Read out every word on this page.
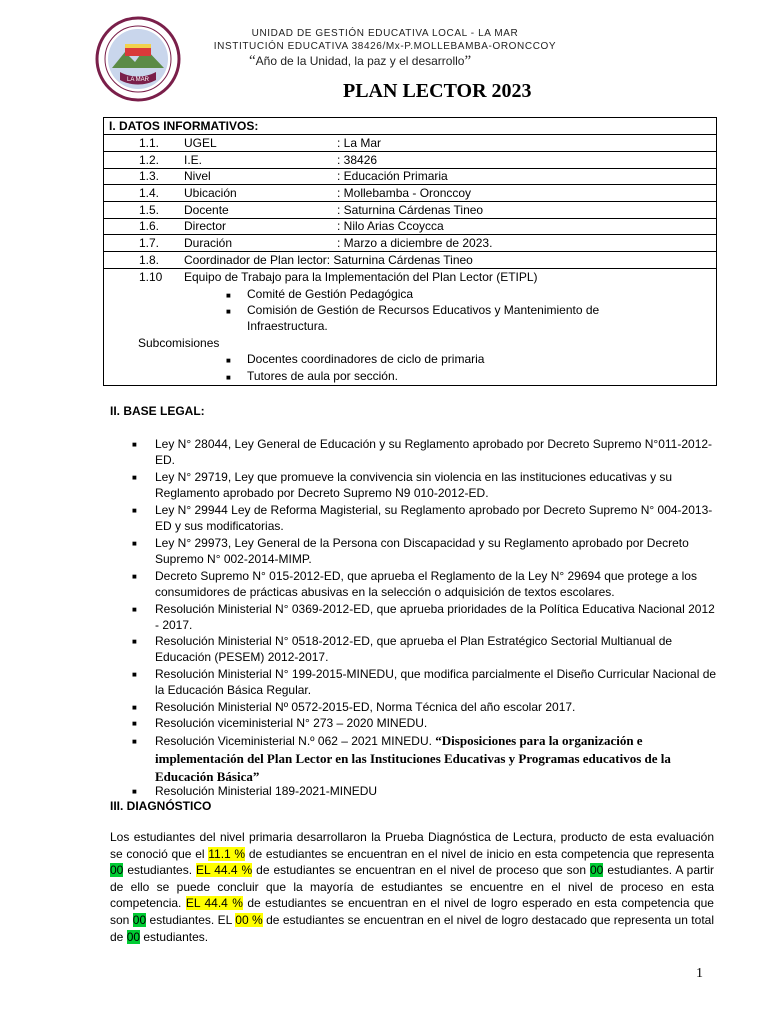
LA MAR
UNIDAD DE GESTIÓN EDUCATIVA LOCAL - LA MAR
INSTITUCIÓN EDUCATIVA 38426/Mx-P.MOLLEBAMBA-ORONCCOY
“Año de la Unidad, la paz y el desarrollo”
PLAN LECTOR 2023
I. DATOS INFORMATIVOS:
1.1. UGEL	: La Mar
1.2. I.E.	: 38426
1.3. Nivel	: Educación Primaria
1.4. Ubicación	: Mollebamba - Oronccoy
1.5. Docente	: Saturnina Cárdenas Tineo
1.6. Director	: Nilo Arias Ccoycca
1.7. Duración	: Marzo a diciembre de 2023.
1.8. Coordinador de Plan lector: Saturnina Cárdenas Tineo
1.10 Equipo de Trabajo para la Implementación del Plan Lector (ETIPL)
■ Comité de Gestión Pedagógica
■ Comisión de Gestión de Recursos Educativos y Mantenimiento de
Infraestructura.
Subcomisiones
■ Docentes coordinadores de ciclo de primaria
■ Tutores de aula por sección.
II. BASE LEGAL:
■ Ley N° 28044, Ley General de Educación y su Reglamento aprobado por Decreto Supremo N°011-2012-ED.
■ Ley N° 29719, Ley que promueve la convivencia sin violencia en las instituciones educativas y su Reglamento aprobado por Decreto Supremo N9 010-2012-ED.
■ Ley N° 29944 Ley de Reforma Magisterial, su Reglamento aprobado por Decreto Supremo N° 004-2013-ED y sus modificatorias.
■ Ley N° 29973, Ley General de la Persona con Discapacidad y su Reglamento aprobado por Decreto Supremo N° 002-2014-MIMP.
■ Decreto Supremo N° 015-2012-ED, que aprueba el Reglamento de la Ley N° 29694 que protege a los consumidores de prácticas abusivas en la selección o adquisición de textos escolares.
■ Resolución Ministerial N° 0369-2012-ED, que aprueba prioridades de la Política Educativa Nacional 2012 - 2017.
■ Resolución Ministerial N° 0518-2012-ED, que aprueba el Plan Estratégico Sectorial Multianual de Educación (PESEM) 2012-2017.
■ Resolución Ministerial N° 199-2015-MINEDU, que modifica parcialmente el Diseño Curricular Nacional de la Educación Básica Regular.
■ Resolución Ministerial Nº 0572-2015-ED, Norma Técnica del año escolar 2017.
■ Resolución viceministerial N° 273 – 2020 MINEDU.
■ Resolución Viceministerial N.º 062 – 2021 MINEDU. “Disposiciones para la organización e implementación del Plan Lector en las Instituciones Educativas y Programas educativos de la Educación Básica”
■ Resolución Ministerial 189-2021-MINEDU
III. DIAGNÓSTICO
Los estudiantes del nivel primaria desarrollaron la Prueba Diagnóstica de Lectura, producto de esta evaluación se conoció que el 11.1 % de estudiantes se encuentran en el nivel de inicio en esta competencia que representa 00 estudiantes. EL 44.4 % de estudiantes se encuentran en el nivel de proceso que son 00 estudiantes. A partir de ello se puede concluir que la mayoría de estudiantes se encuentre en el nivel de proceso en esta competencia. EL 44.4 % de estudiantes se encuentran en el nivel de logro esperado en esta competencia que son 00 estudiantes. EL 00 % de estudiantes se encuentran en el nivel de logro destacado que representa un total de 00 estudiantes.
1
